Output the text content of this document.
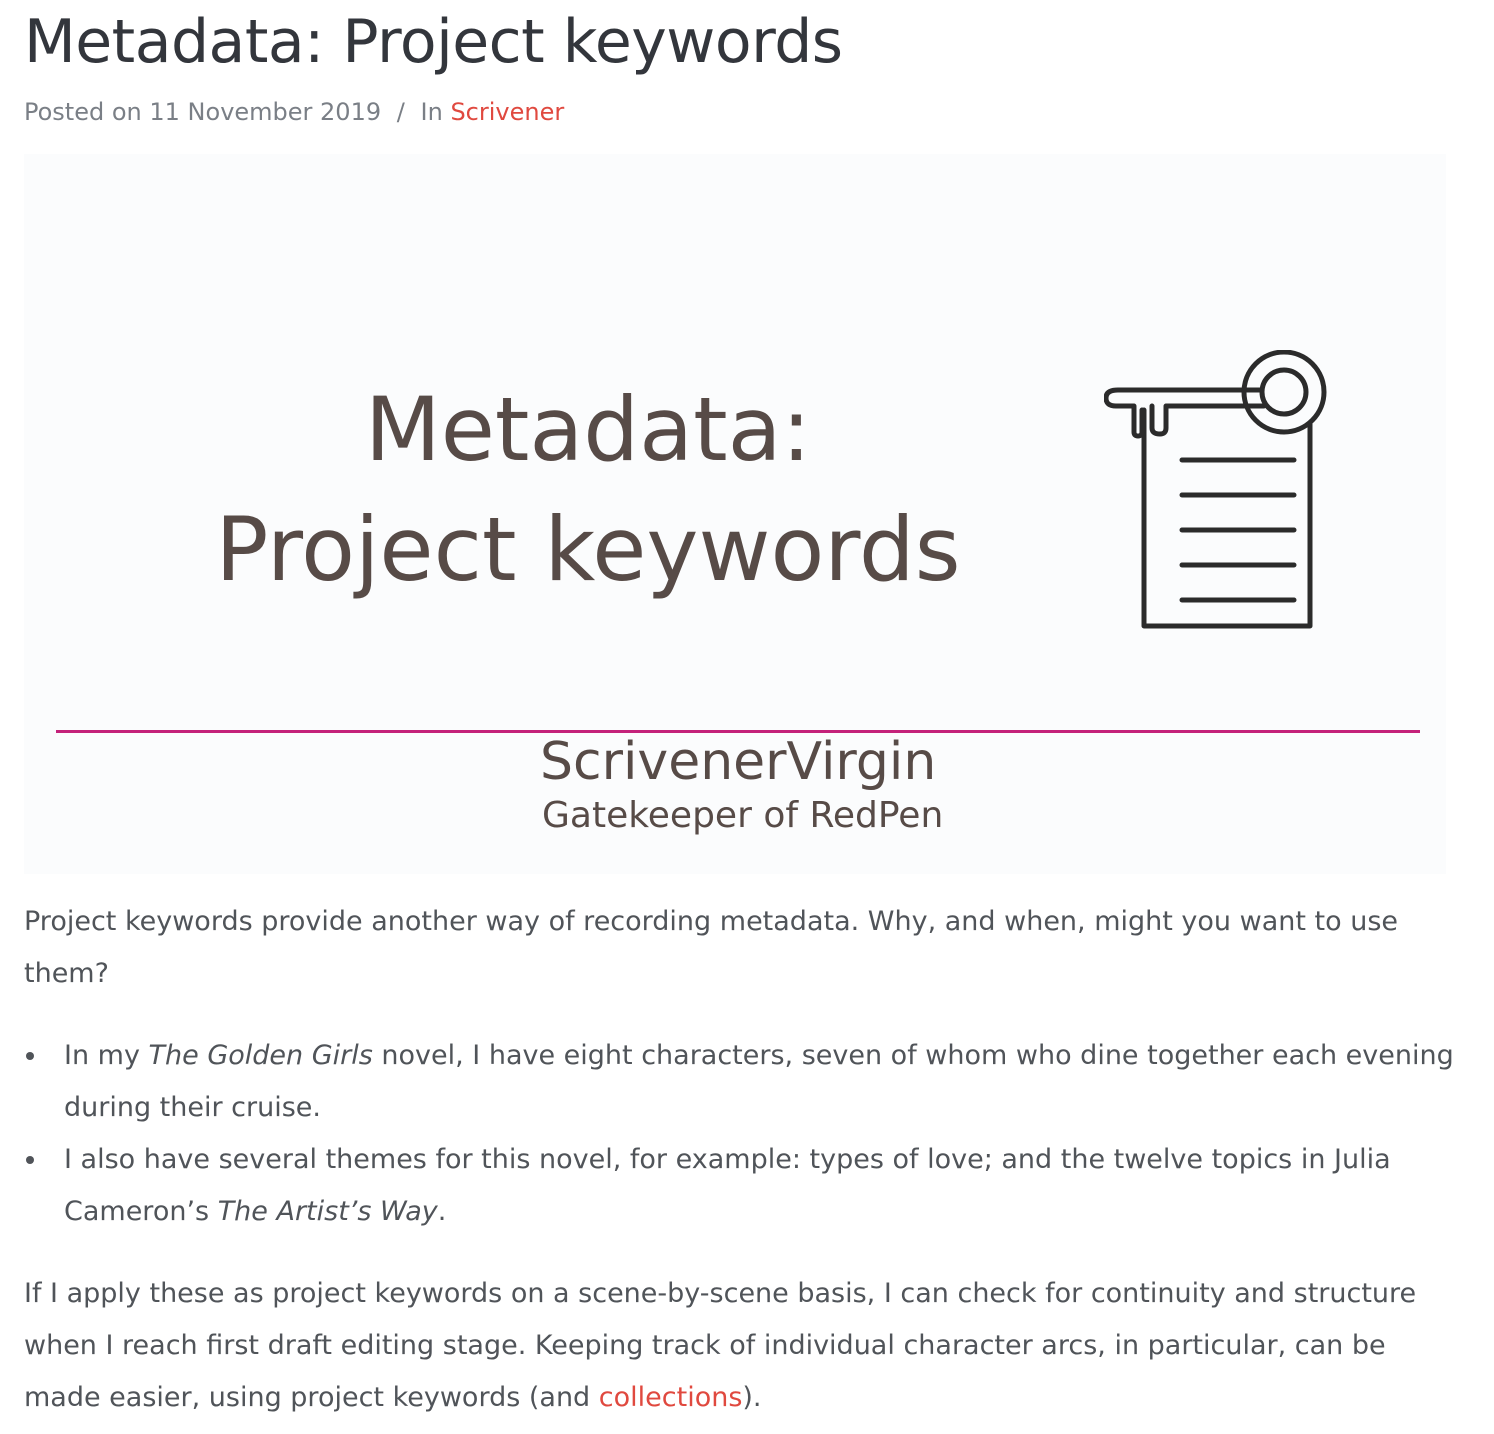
Metadata: Project keywords
Posted on 11 November 2019 / In Scrivener
Metadata:
Project keywords
ScrivenerVirgin
Gatekeeper of RedPen

Project keywords provide another way of recording metadata. Why, and when, might you want to use them?

In my The Golden Girls novel, I have eight characters, seven of whom who dine together each evening during their cruise.
I also have several themes for this novel, for example: types of love; and the twelve topics in Julia Cameron’s The Artist’s Way.

If I apply these as project keywords on a scene-by-scene basis, I can check for continuity and structure when I reach first draft editing stage. Keeping track of individual character arcs, in particular, can be made easier, using project keywords (and collections).
